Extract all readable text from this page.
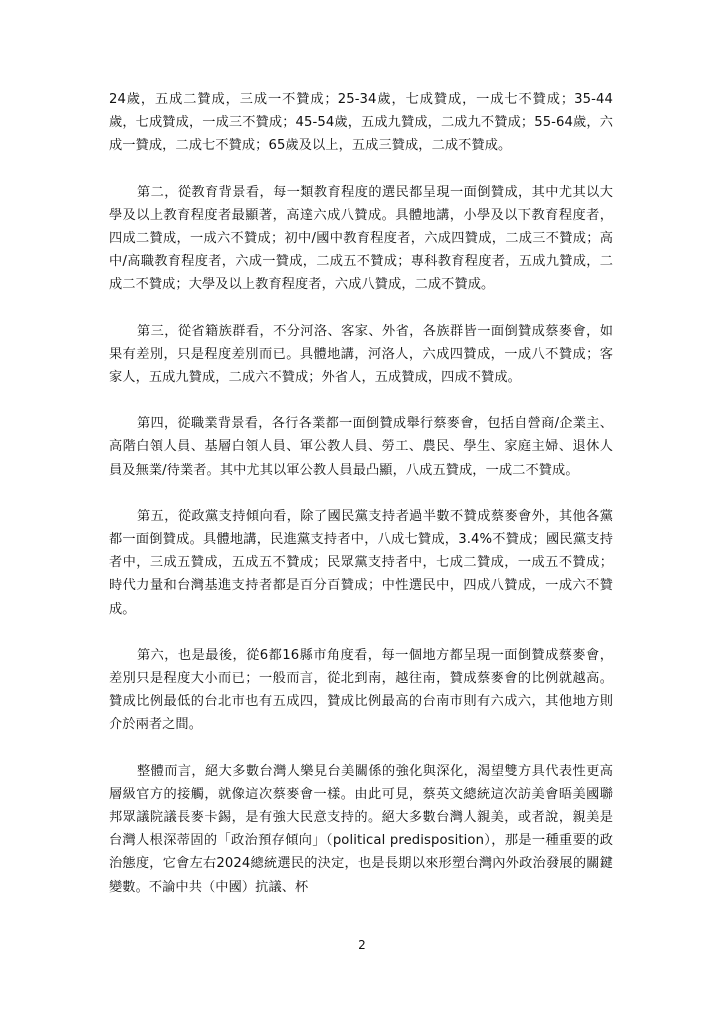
24歲，五成二贊成，三成一不贊成；25-34歲，七成贊成，一成七不贊成；35-44歲，七成贊成，一成三不贊成；45-54歲，五成九贊成，二成九不贊成；55-64歲，六成一贊成，二成七不贊成；65歲及以上，五成三贊成，二成不贊成。

第二，從教育背景看，每一類教育程度的選民都呈現一面倒贊成，其中尤其以大學及以上教育程度者最顯著，高達六成八贊成。具體地講，小學及以下教育程度者，四成二贊成，一成六不贊成；初中/國中教育程度者，六成四贊成，二成三不贊成；高中/高職教育程度者，六成一贊成，二成五不贊成；專科教育程度者，五成九贊成，二成二不贊成；大學及以上教育程度者，六成八贊成，二成不贊成。

第三，從省籍族群看，不分河洛、客家、外省，各族群皆一面倒贊成蔡麥會，如果有差別，只是程度差別而已。具體地講，河洛人，六成四贊成，一成八不贊成；客家人，五成九贊成，二成六不贊成；外省人，五成贊成，四成不贊成。

第四，從職業背景看，各行各業都一面倒贊成舉行蔡麥會，包括自營商/企業主、高階白領人員、基層白領人員、軍公教人員、勞工、農民、學生、家庭主婦、退休人員及無業/待業者。其中尤其以軍公教人員最凸顯，八成五贊成，一成二不贊成。

第五，從政黨支持傾向看，除了國民黨支持者過半數不贊成蔡麥會外，其他各黨都一面倒贊成。具體地講，民進黨支持者中，八成七贊成，3.4%不贊成；國民黨支持者中，三成五贊成，五成五不贊成；民眾黨支持者中，七成二贊成，一成五不贊成；時代力量和台灣基進支持者都是百分百贊成；中性選民中，四成八贊成，一成六不贊成。

第六，也是最後，從6都16縣市角度看，每一個地方都呈現一面倒贊成蔡麥會，差別只是程度大小而已；一般而言，從北到南，越往南，贊成蔡麥會的比例就越高。贊成比例最低的台北市也有五成四，贊成比例最高的台南市則有六成六，其他地方則介於兩者之間。

整體而言，絕大多數台灣人樂見台美關係的強化與深化，渴望雙方具代表性更高層級官方的接觸，就像這次蔡麥會一樣。由此可見，蔡英文總統這次訪美會晤美國聯邦眾議院議長麥卡錫，是有強大民意支持的。絕大多數台灣人親美，或者說，親美是台灣人根深蒂固的「政治預存傾向」（political predisposition），那是一種重要的政治態度，它會左右2024總統選民的決定，也是長期以來形塑台灣內外政治發展的關鍵變數。不論中共（中國）抗議、杯

2
